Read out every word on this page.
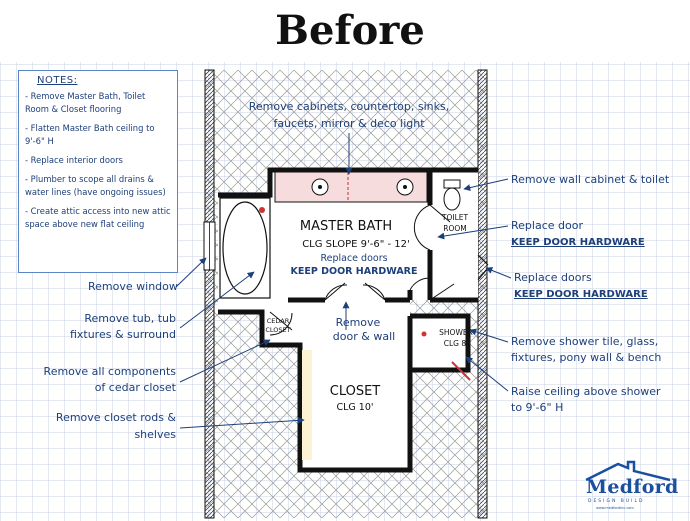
Before
MASTER BATH
CLG SLOPE 9'-6" - 12'
Replace doors
KEEP DOOR HARDWARE
TOILET
ROOM
CEDAR
CLOSET	SHOWER
CLG 8'
CLOSET
CLG 10'
Remove cabinets, countertop, sinks,
faucets, mirror & deco light
Remove wall cabinet & toilet
Replace door
KEEP DOOR HARDWARE
Replace doors
KEEP DOOR HARDWARE
Remove window
Remove tub, tub
fixtures & surround
Remove
door & wall
Remove all components
of cedar closet
Remove closet rods &
shelves
Remove shower tile, glass,
fixtures, pony wall & bench
Raise ceiling above shower
to 9'-6" H
NOTES:

- Remove Master Bath, Toilet Room & Closet flooring

- Flatten Master Bath ceiling to 9'-6" H

- Replace interior doors

- Plumber to scope all drains & water lines (have ongoing issues)

- Create attic access into new attic space above new flat ceiling

Medford
DESIGN BUILD
www.medfordinc.com
